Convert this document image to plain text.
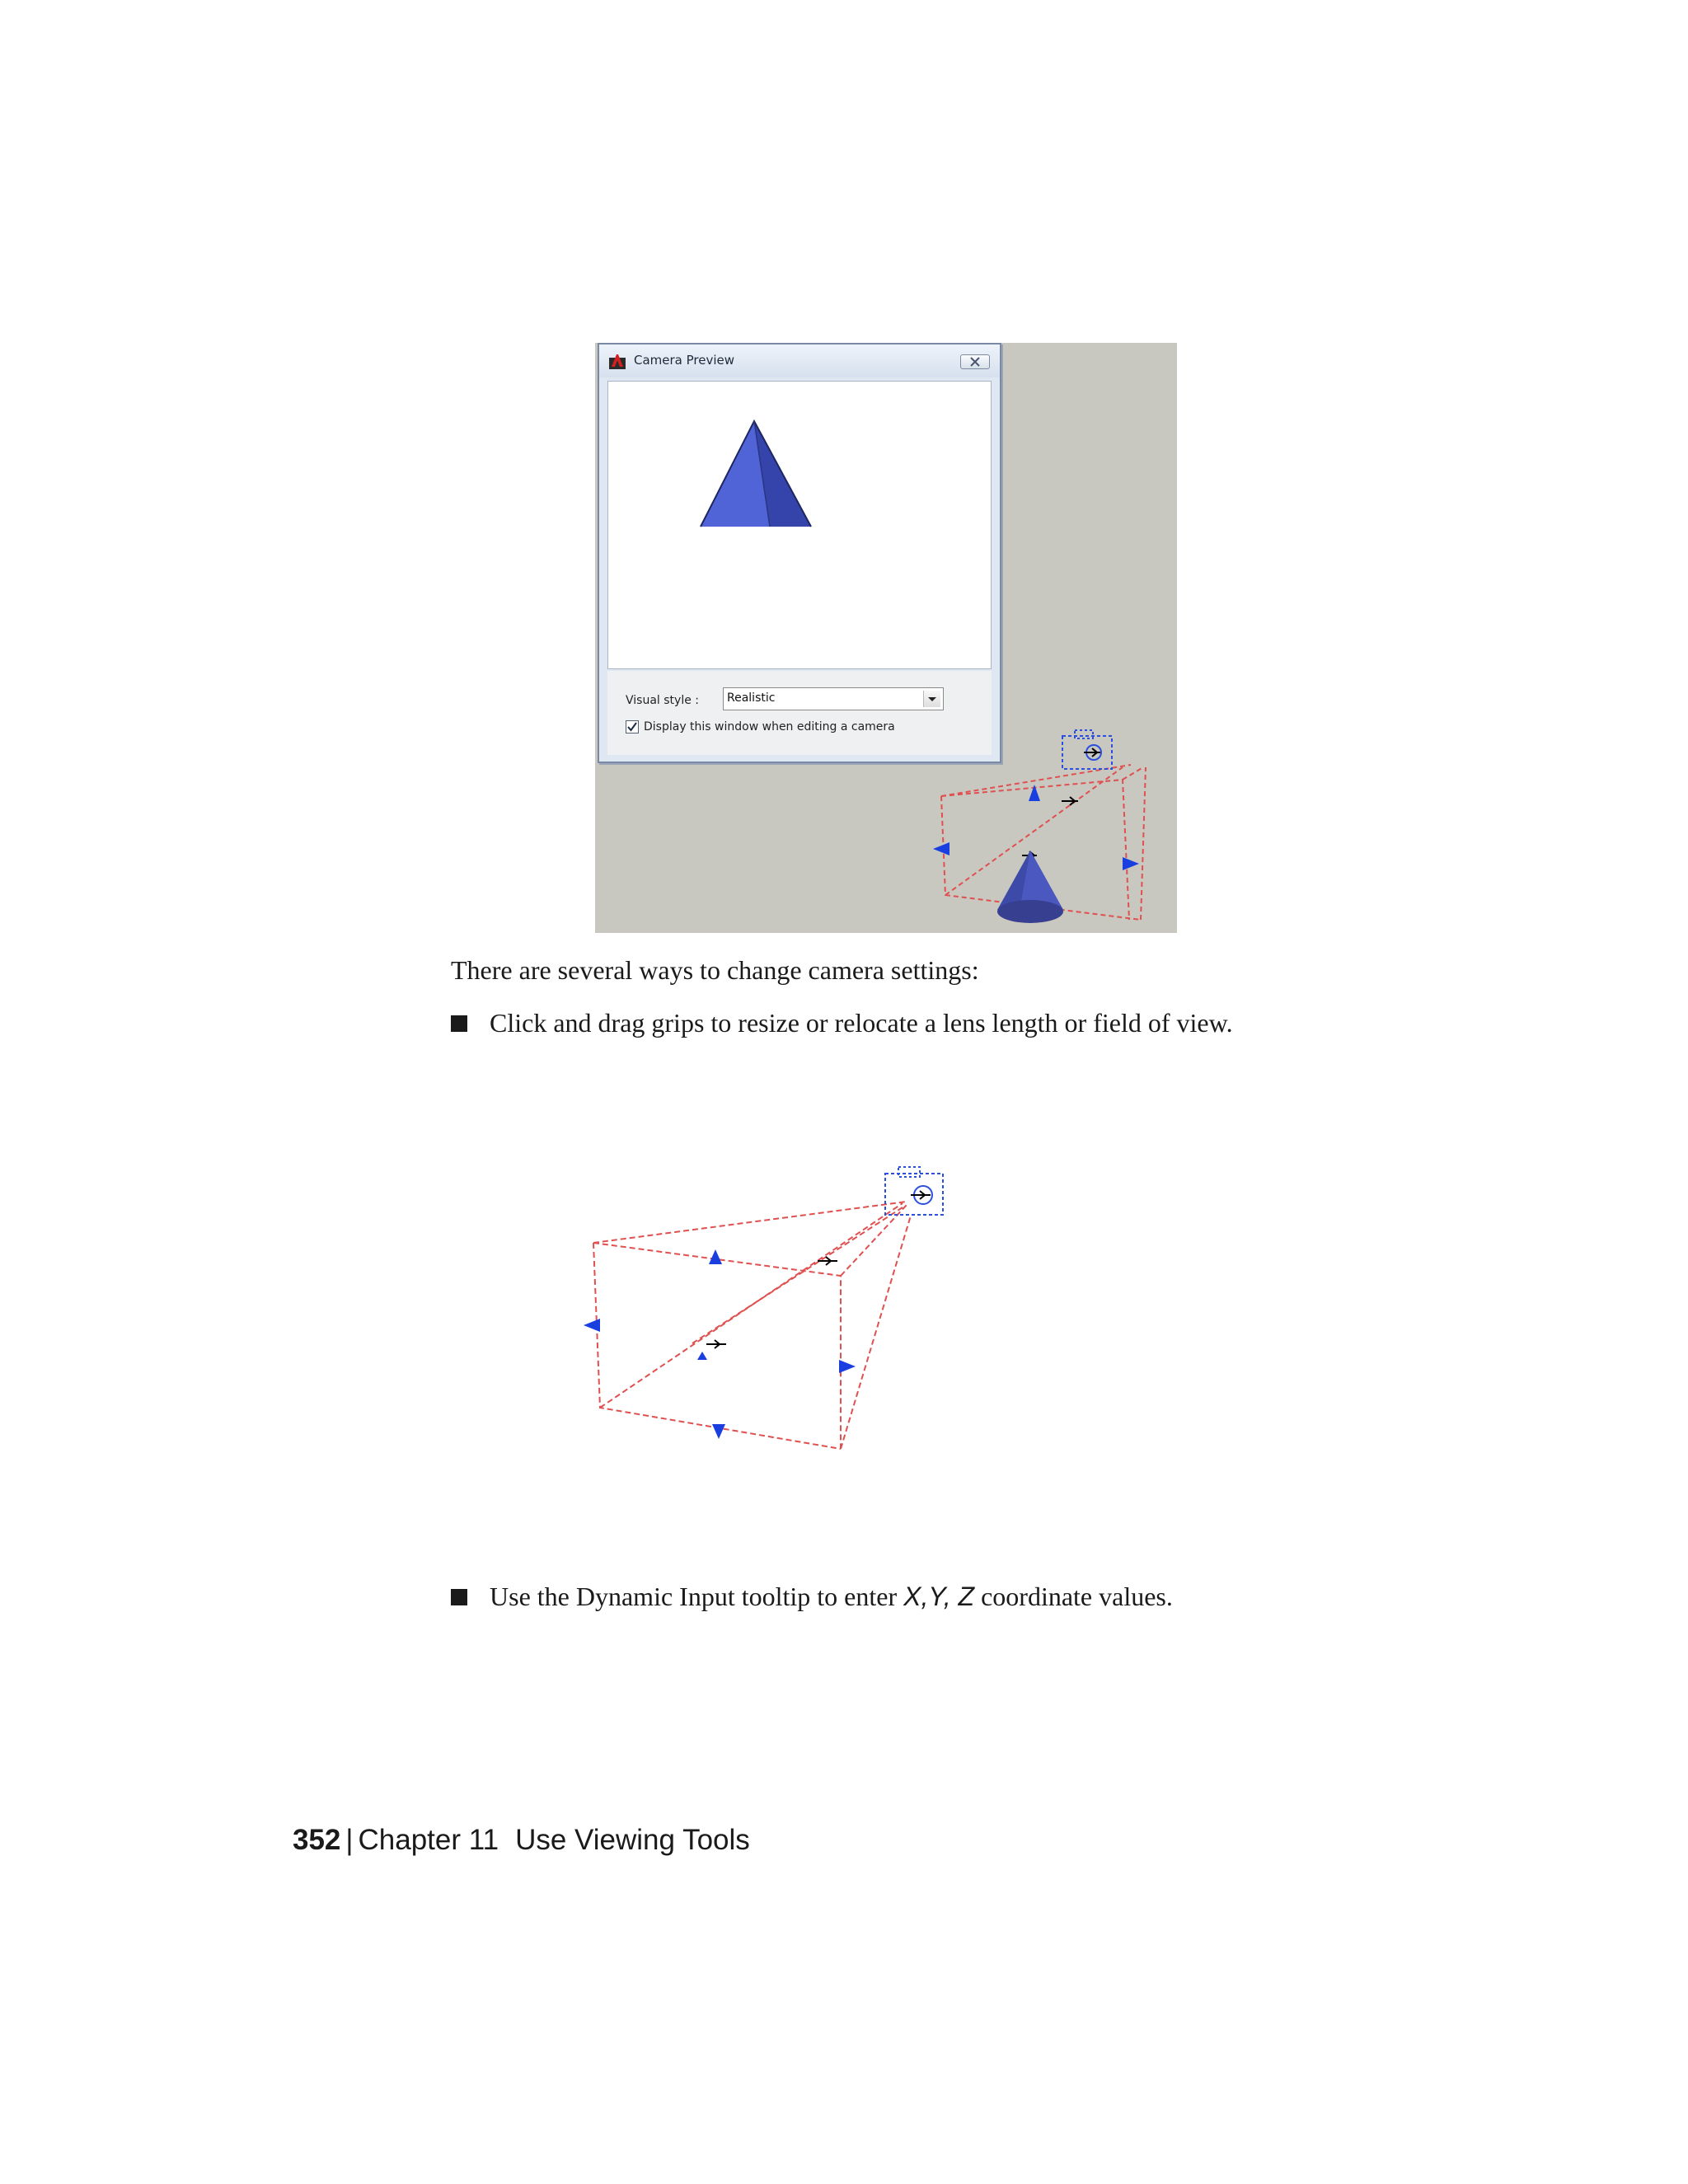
Camera Preview
Visual style : Realistic
Display this window when editing a camera
There are several ways to change camera settings:
Click and drag grips to resize or relocate a lens length or field of view.
Use the Dynamic Input tooltip to enter X,Y, Z coordinate values.
352 | Chapter 11 Use Viewing Tools
